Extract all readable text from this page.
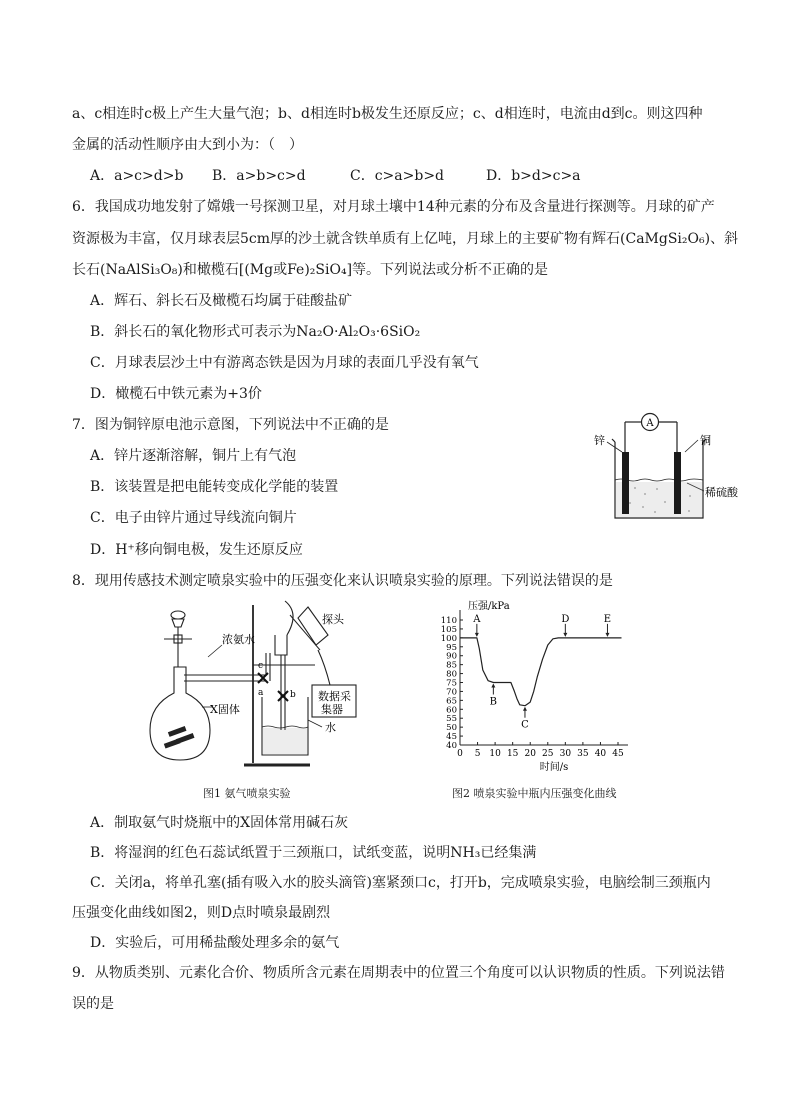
a、c相连时c极上产生大量气泡；b、d相连时b极发生还原反应；c、d相连时，电流由d到c。则这四种
金属的活动性顺序由大到小为：（　）
A．a>c>d>b B．a>b>c>d	C．c>a>b>d	D．b>d>c>a
6．我国成功地发射了嫦娥一号探测卫星，对月球土壤中14种元素的分布及含量进行探测等。月球的矿产
资源极为丰富，仅月球表层5cm厚的沙土就含铁单质有上亿吨，月球上的主要矿物有辉石(CaMgSi₂O₆)、斜
长石(NaAlSi₃O₈)和橄榄石[(Mg或Fe)₂SiO₄]等。下列说法或分析不正确的是
A．辉石、斜长石及橄榄石均属于硅酸盐矿
B．斜长石的氧化物形式可表示为Na₂O·Al₂O₃·6SiO₂
C．月球表层沙土中有游离态铁是因为月球的表面几乎没有氧气
D．橄榄石中铁元素为+3价
7．图为铜锌原电池示意图，下列说法中不正确的是
A．锌片逐渐溶解，铜片上有气泡
B．该装置是把电能转变成化学能的装置
C．电子由锌片通过导线流向铜片
D．H⁺移向铜电极，发生还原反应
A
锌	铜
稀硫酸
8．现用传感技术测定喷泉实验中的压强变化来认识喷泉实验的原理。下列说法错误的是
浓氨水
探头
X固体
水
数据采
集器
a	b
c
图1 氨气喷泉实验
0 5 10 15 20 25 30 35 40 45
40
45
50
55
60
65
70
75
80
85
90
95
100
105
110 A
B
C
D	E
压强/kPa
时间/s
图2 喷泉实验中瓶内压强变化曲线
A．制取氨气时烧瓶中的X固体常用碱石灰
B．将湿润的红色石蕊试纸置于三颈瓶口，试纸变蓝，说明NH₃已经集满
C．关闭a，将单孔塞(插有吸入水的胶头滴管)塞紧颈口c，打开b，完成喷泉实验，电脑绘制三颈瓶内
压强变化曲线如图2，则D点时喷泉最剧烈
D．实验后，可用稀盐酸处理多余的氨气
9．从物质类别、元素化合价、物质所含元素在周期表中的位置三个角度可以认识物质的性质。下列说法错
误的是
